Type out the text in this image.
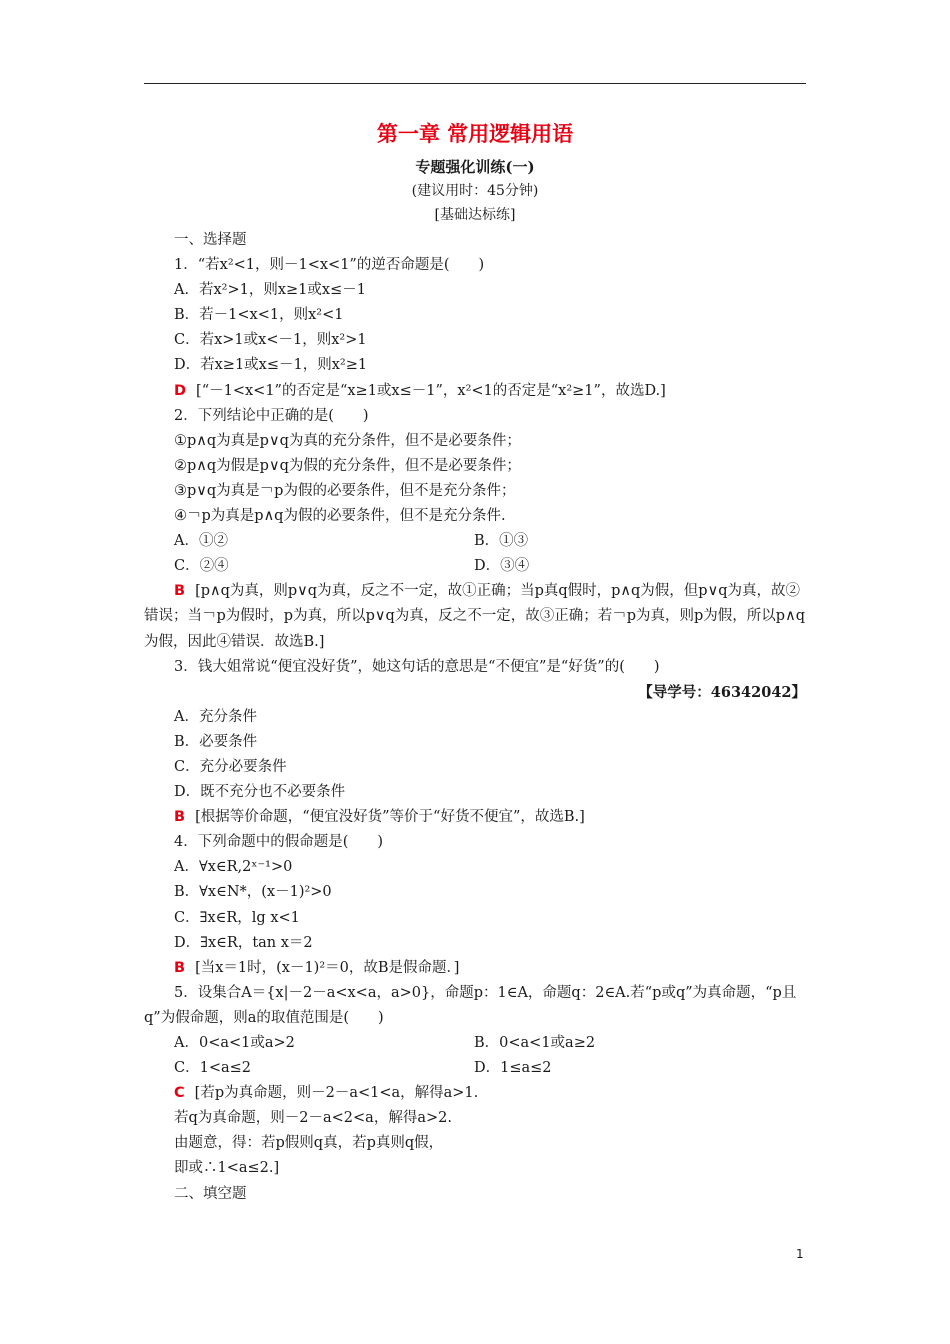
第一章 常用逻辑用语
专题强化训练(一)
(建议用时：45分钟)
[基础达标练]
一、选择题
1．“若x²<1，则－1<x<1”的逆否命题是(　　)
A．若x²>1，则x≥1或x≤－1
B．若－1<x<1，则x²<1
C．若x>1或x<－1，则x²>1
D．若x≥1或x≤－1，则x²≥1
D [“－1<x<1”的否定是“x≥1或x≤－1”，x²<1的否定是“x²≥1”，故选D.]
2．下列结论中正确的是(　　)
①p∧q为真是p∨q为真的充分条件，但不是必要条件；
②p∧q为假是p∨q为假的充分条件，但不是必要条件；
③p∨q为真是￢p为假的必要条件，但不是充分条件；
④￢p为真是p∧q为假的必要条件，但不是充分条件.
A．①②	B．①③
C．②④	D．③④
B [p∧q为真，则p∨q为真，反之不一定，故①正确；当p真q假时，p∧q为假，但p∨q为真，故②错误；当￢p为假时，p为真，所以p∨q为真，反之不一定，故③正确；若￢p为真，则p为假，所以p∧q为假，因此④错误．故选B.]
3．钱大姐常说“便宜没好货”，她这句话的意思是“不便宜”是“好货”的(　　)
【导学号：46342042】
A．充分条件
B．必要条件
C．充分必要条件
D．既不充分也不必要条件
B [根据等价命题，“便宜没好货”等价于“好货不便宜”，故选B.]
4．下列命题中的假命题是(　　)
A．∀x∈R,2ˣ⁻¹>0
B．∀x∈N*，(x－1)²>0
C．∃x∈R，lg x<1
D．∃x∈R，tan x＝2
B [当x＝1时，(x－1)²＝0，故B是假命题．]
5．设集合A＝{x|－2－a<x<a，a>0}，命题p：1∈A，命题q：2∈A.若“p或q”为真命题，“p且q”为假命题，则a的取值范围是(　　)
A．0<a<1或a>2	B．0<a<1或a≥2
C．1<a≤2	D．1≤a≤2
C [若p为真命题，则－2－a<1<a，解得a>1.
若q为真命题，则－2－a<2<a，解得a>2.
由题意，得：若p假则q真，若p真则q假，
即或∴1<a≤2.]
二、填空题
1
